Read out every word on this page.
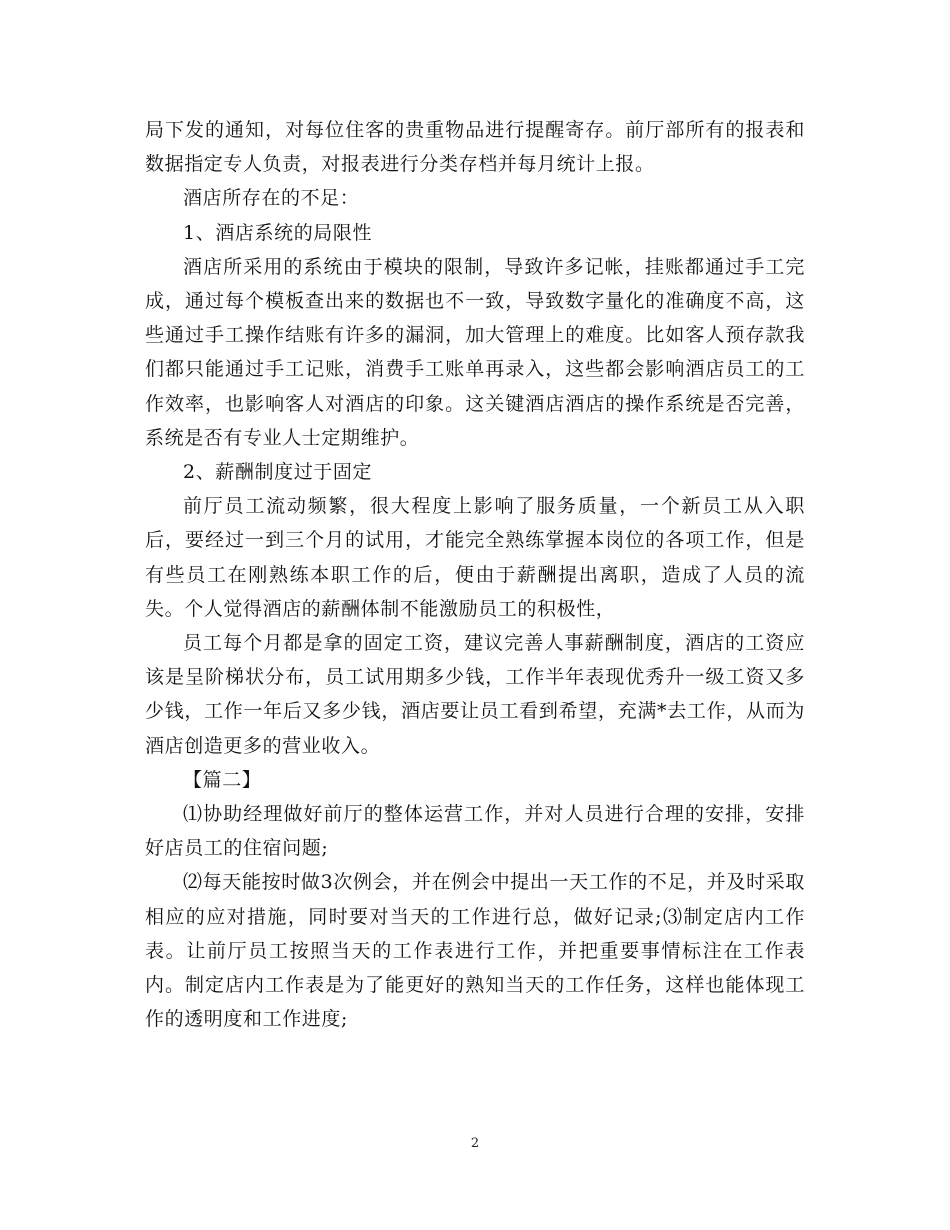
局下发的通知，对每位住客的贵重物品进行提醒寄存。前厅部所有的报表和数据指定专人负责，对报表进行分类存档并每月统计上报。

酒店所存在的不足：

1、酒店系统的局限性

酒店所采用的系统由于模块的限制，导致许多记帐，挂账都通过手工完成，通过每个模板查出来的数据也不一致，导致数字量化的准确度不高，这些通过手工操作结账有许多的漏洞，加大管理上的难度。比如客人预存款我们都只能通过手工记账，消费手工账单再录入，这些都会影响酒店员工的工作效率，也影响客人对酒店的印象。这关键酒店酒店的操作系统是否完善，系统是否有专业人士定期维护。

2、薪酬制度过于固定

前厅员工流动频繁，很大程度上影响了服务质量，一个新员工从入职后，要经过一到三个月的试用，才能完全熟练掌握本岗位的各项工作，但是有些员工在刚熟练本职工作的后，便由于薪酬提出离职，造成了人员的流失。个人觉得酒店的薪酬体制不能激励员工的积极性，

员工每个月都是拿的固定工资，建议完善人事薪酬制度，酒店的工资应该是呈阶梯状分布，员工试用期多少钱，工作半年表现优秀升一级工资又多少钱，工作一年后又多少钱，酒店要让员工看到希望，充满*去工作，从而为酒店创造更多的营业收入。

【篇二】

⑴协助经理做好前厅的整体运营工作，并对人员进行合理的安排，安排好店员工的住宿问题;

⑵每天能按时做3次例会，并在例会中提出一天工作的不足，并及时采取相应的应对措施，同时要对当天的工作进行总，做好记录;⑶制定店内工作表。让前厅员工按照当天的工作表进行工作，并把重要事情标注在工作表内。制定店内工作表是为了能更好的熟知当天的工作任务，这样也能体现工作的透明度和工作进度;

2
